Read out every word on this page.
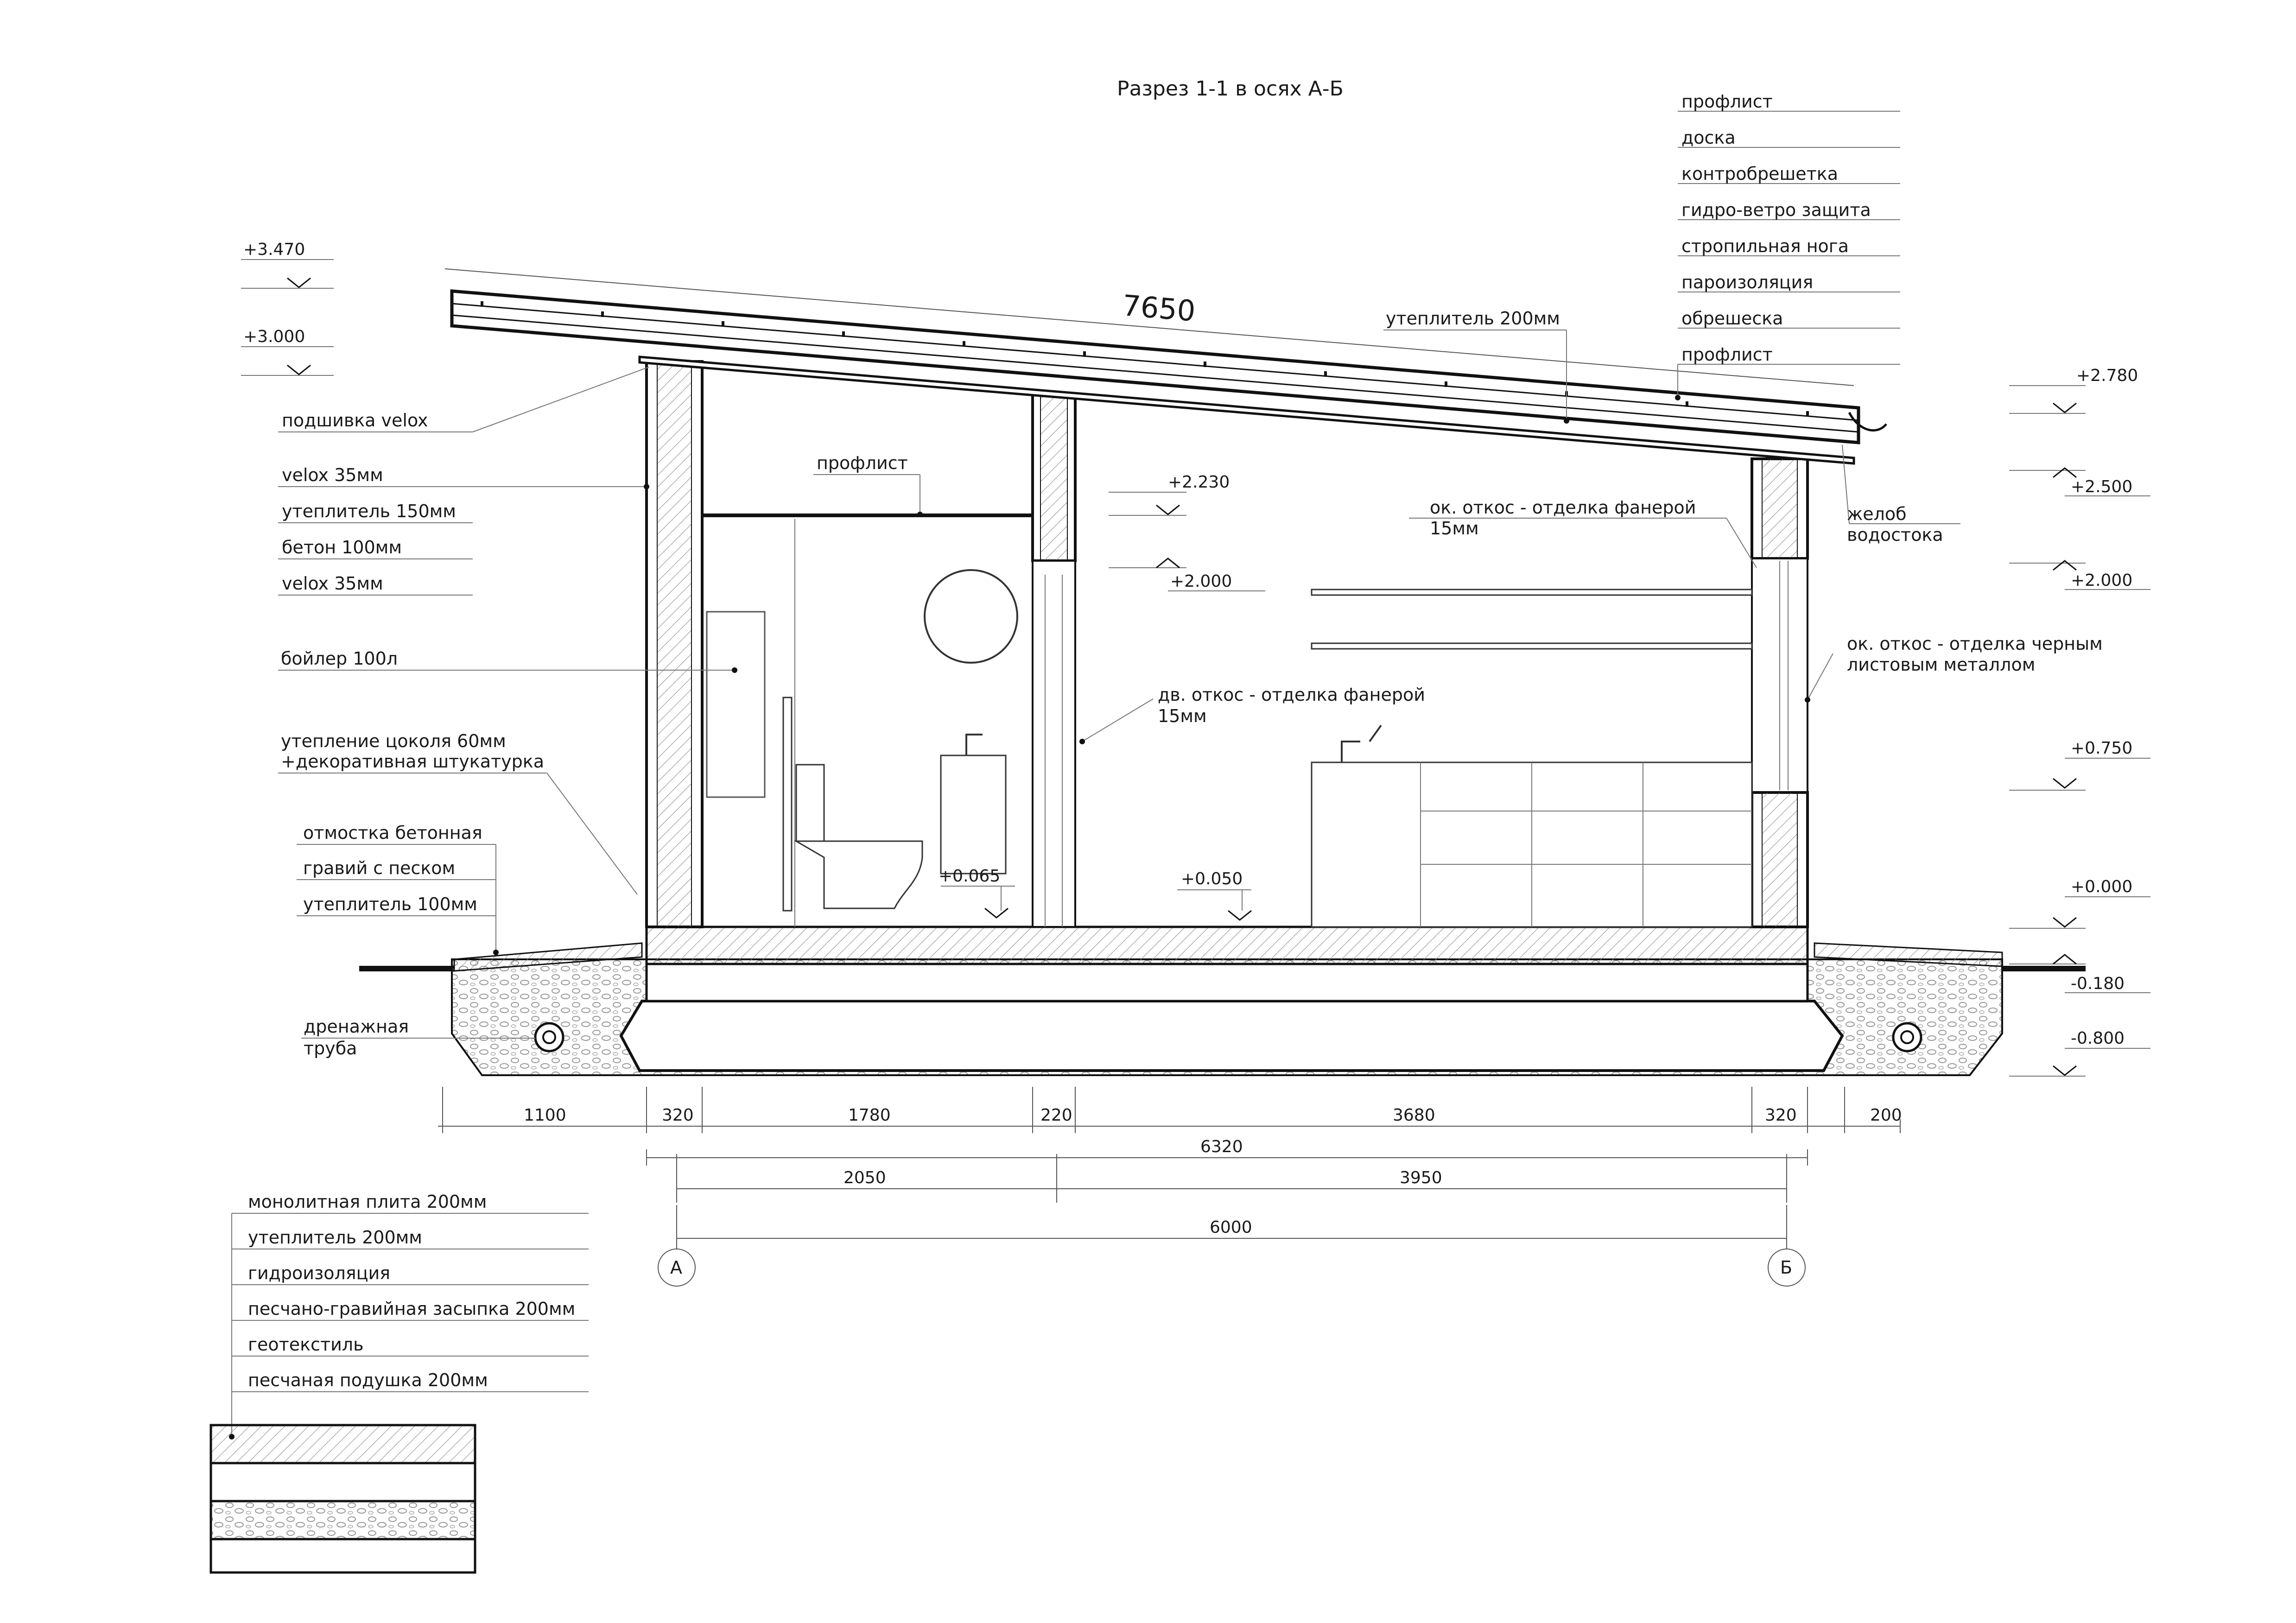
Разрез 1-1 в осях А-Б
7650
профлист
доска
контробрешетка
гидро-ветро защита
стропильная нога
пароизоляция
обрешеcка
профлист
утеплитель 200мм
+3.470
+3.000
подшивка velox
velox 35мм
утеплитель 150мм
бетон 100мм
velox 35мм
бойлер 100л
утепление цоколя 60мм
+декоративная штукатурка
отмостка бетонная
гравий с песком
утеплитель 100мм
дренажная
труба
профлист
+2.230
+2.000
дв. откос - отделка фанерой
15мм
+0.065	+0.050
ок. откос - отделка фанерой
15мм
желоб
водостока
ок. откос - отделка черным
листовым металлом
+2.780
+2.500
+2.000
+0.750
+0.000
-0.180
-0.800
1100	320	1780	220	3680	320	200
6320
2050	3950
6000
А	Б
монолитная плита 200мм
утеплитель 200мм
гидроизоляция
песчано-гравийная засыпка 200мм
геотекстиль
песчаная подушка 200мм
